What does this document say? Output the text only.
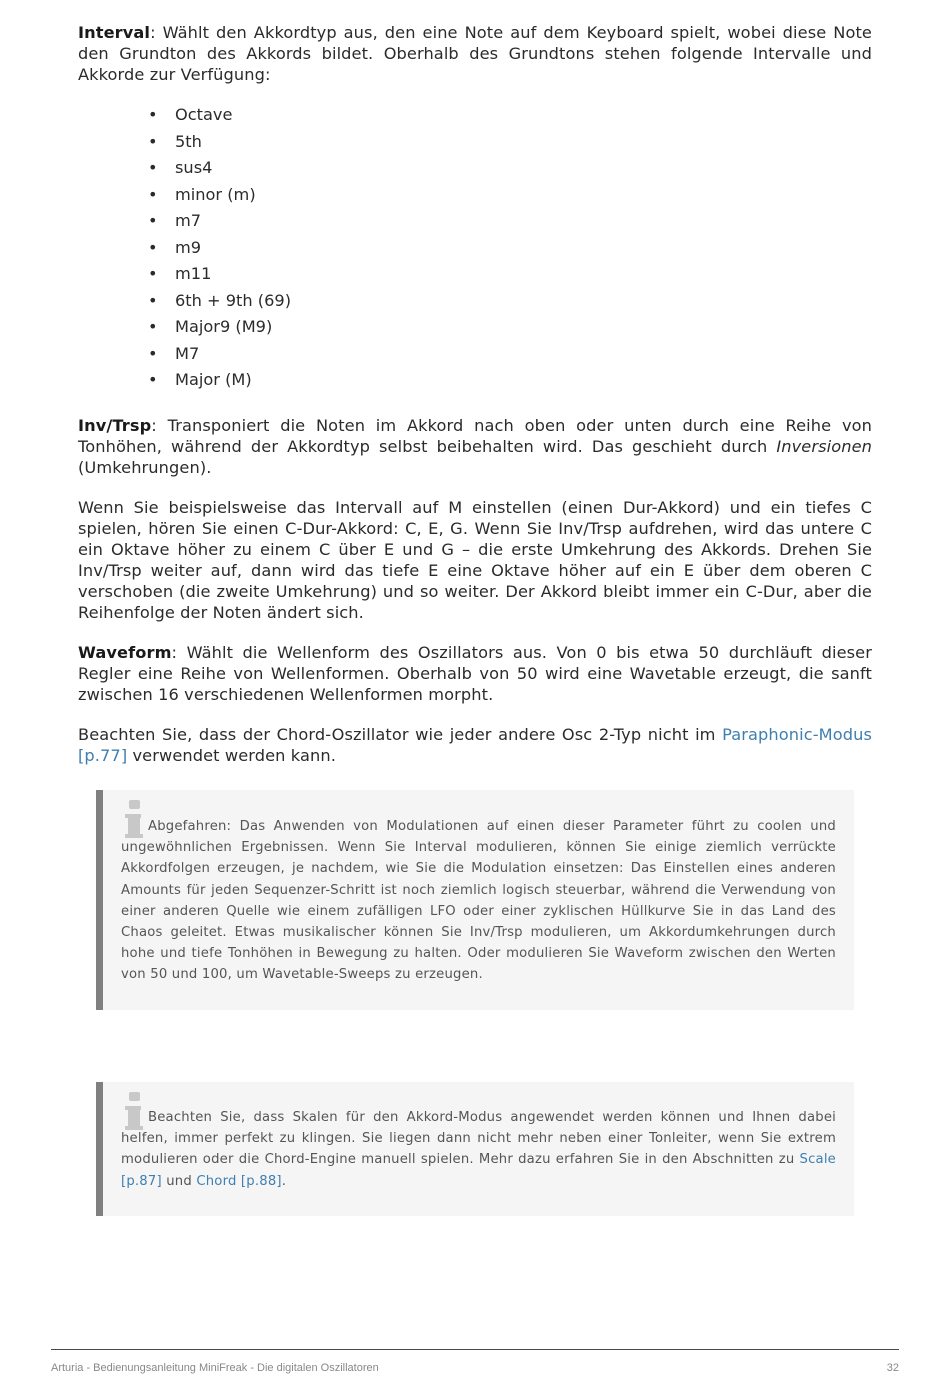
Interval: Wählt den Akkordtyp aus, den eine Note auf dem Keyboard spielt, wobei diese Note den Grundton des Akkords bildet. Oberhalb des Grundtons stehen folgende Intervalle und Akkorde zur Verfügung:

• Octave
• 5th
• sus4
• minor (m)
• m7
• m9
• m11
• 6th + 9th (69)
• Major9 (M9)
• M7
• Major (M)

Inv/Trsp: Transponiert die Noten im Akkord nach oben oder unten durch eine Reihe von Tonhöhen, während der Akkordtyp selbst beibehalten wird. Das geschieht durch Inversionen (Umkehrungen).

Wenn Sie beispielsweise das Intervall auf M einstellen (einen Dur-Akkord) und ein tiefes C spielen, hören Sie einen C-Dur-Akkord: C, E, G. Wenn Sie Inv/Trsp aufdrehen, wird das untere C ein Oktave höher zu einem C über E und G – die erste Umkehrung des Akkords. Drehen Sie Inv/Trsp weiter auf, dann wird das tiefe E eine Oktave höher auf ein E über dem oberen C verschoben (die zweite Umkehrung) und so weiter. Der Akkord bleibt immer ein C-Dur, aber die Reihenfolge der Noten ändert sich.

Waveform: Wählt die Wellenform des Oszillators aus. Von 0 bis etwa 50 durchläuft dieser Regler eine Reihe von Wellenformen. Oberhalb von 50 wird eine Wavetable erzeugt, die sanft zwischen 16 verschiedenen Wellenformen morpht.

Beachten Sie, dass der Chord-Oszillator wie jeder andere Osc 2-Typ nicht im Paraphonic-Modus [p.77] verwendet werden kann.

Abgefahren: Das Anwenden von Modulationen auf einen dieser Parameter führt zu coolen und ungewöhnlichen Ergebnissen. Wenn Sie Interval modulieren, können Sie einige ziemlich verrückte Akkordfolgen erzeugen, je nachdem, wie Sie die Modulation einsetzen: Das Einstellen eines anderen Amounts für jeden Sequenzer-Schritt ist noch ziemlich logisch steuerbar, während die Verwendung von einer anderen Quelle wie einem zufälligen LFO oder einer zyklischen Hüllkurve Sie in das Land des Chaos geleitet. Etwas musikalischer können Sie Inv/Trsp modulieren, um Akkordumkehrungen durch hohe und tiefe Tonhöhen in Bewegung zu halten. Oder modulieren Sie Waveform zwischen den Werten von 50 und 100, um Wavetable-Sweeps zu erzeugen.
Beachten Sie, dass Skalen für den Akkord-Modus angewendet werden können und Ihnen dabei helfen, immer perfekt zu klingen. Sie liegen dann nicht mehr neben einer Tonleiter, wenn Sie extrem modulieren oder die Chord-Engine manuell spielen. Mehr dazu erfahren Sie in den Abschnitten zu Scale [p.87] und Chord [p.88].
Arturia - Bedienungsanleitung MiniFreak - Die digitalen Oszillatoren	32
